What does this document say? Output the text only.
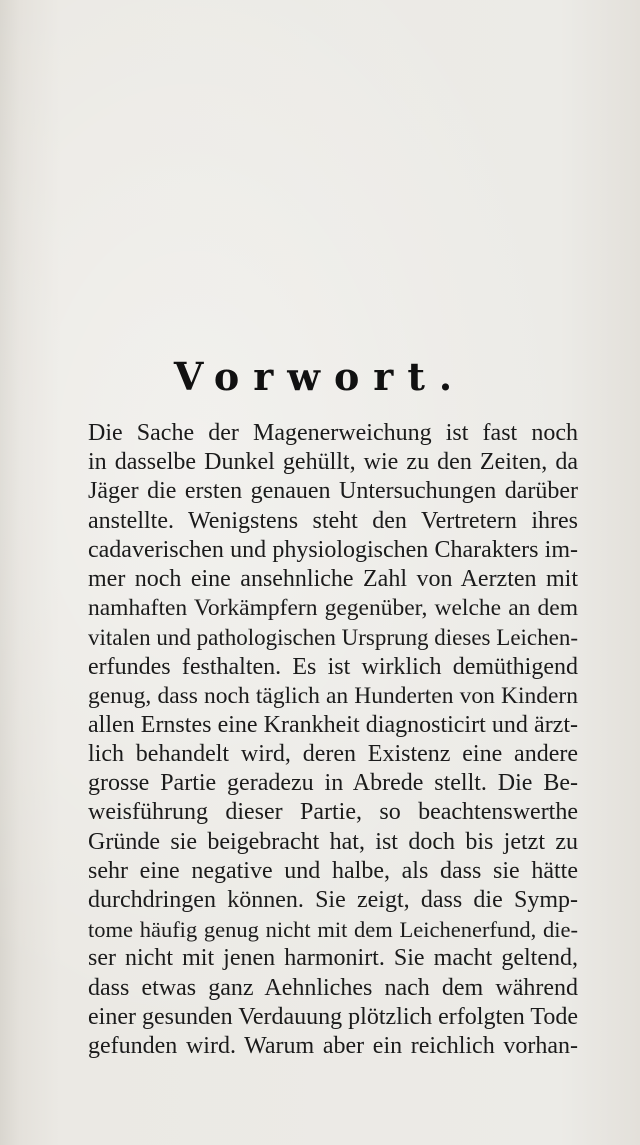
Vorwort.
Die Sache der Magenerweichung ist fast noch
in dasselbe Dunkel gehüllt, wie zu den Zeiten, da
Jäger die ersten genauen Untersuchungen darüber
anstellte. Wenigstens steht den Vertretern ihres
cadaverischen und physiologischen Charakters im-
mer noch eine ansehnliche Zahl von Aerzten mit
namhaften Vorkämpfern gegenüber, welche an dem
vitalen und pathologischen Ursprung dieses Leichen-
erfundes festhalten. Es ist wirklich demüthigend
genug, dass noch täglich an Hunderten von Kindern
allen Ernstes eine Krankheit diagnosticirt und ärzt-
lich behandelt wird, deren Existenz eine andere
grosse Partie geradezu in Abrede stellt. Die Be-
weisführung dieser Partie, so beachtenswerthe
Gründe sie beigebracht hat, ist doch bis jetzt zu
sehr eine negative und halbe, als dass sie hätte
durchdringen können. Sie zeigt, dass die Symp-
tome häufig genug nicht mit dem Leichenerfund, die-
ser nicht mit jenen harmonirt. Sie macht geltend,
dass etwas ganz Aehnliches nach dem während
einer gesunden Verdauung plötzlich erfolgten Tode
gefunden wird. Warum aber ein reichlich vorhan-
